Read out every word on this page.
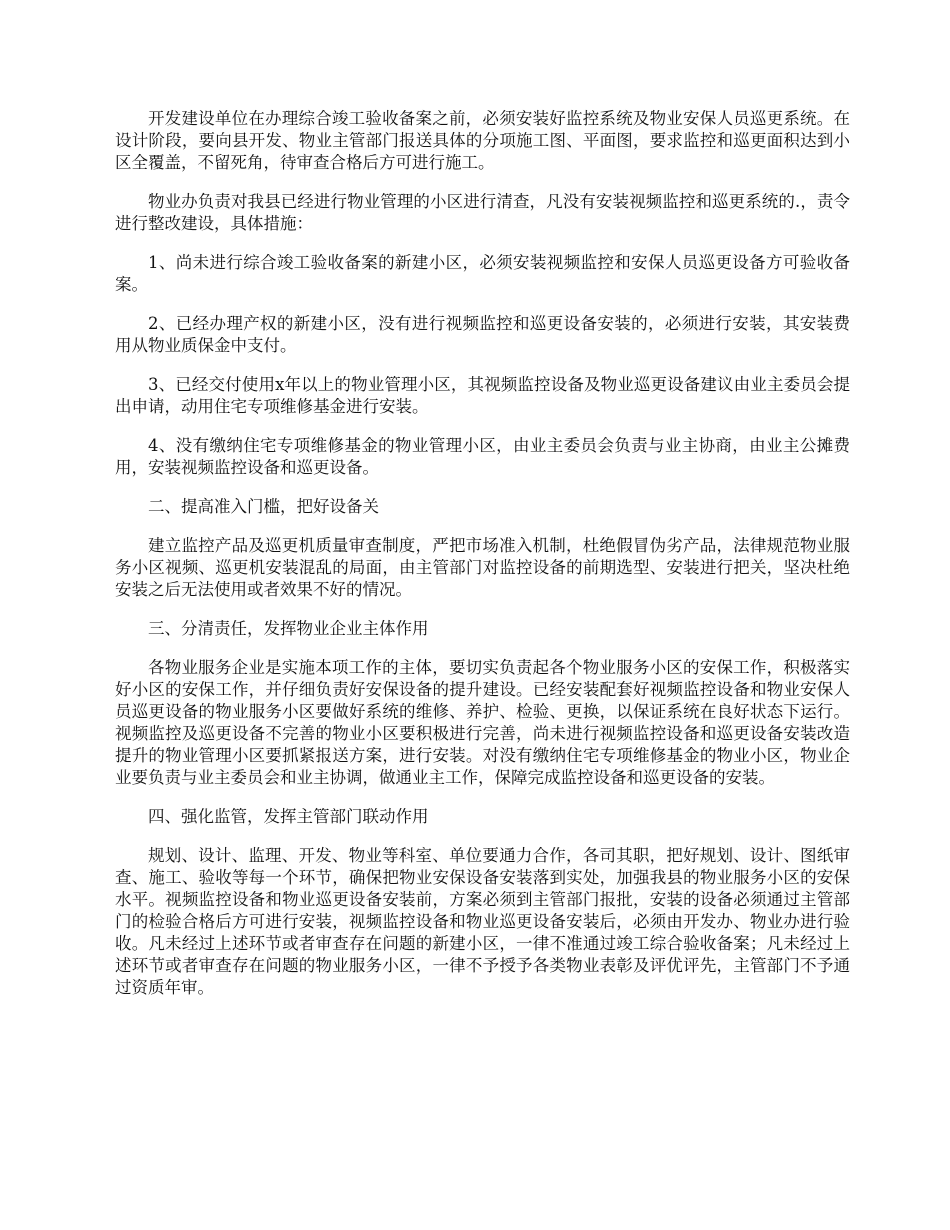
开发建设单位在办理综合竣工验收备案之前，必须安装好监控系统及物业安保人员巡更系统。在设计阶段，要向县开发、物业主管部门报送具体的分项施工图、平面图，要求监控和巡更面积达到小区全覆盖，不留死角，待审查合格后方可进行施工。

物业办负责对我县已经进行物业管理的小区进行清查，凡没有安装视频监控和巡更系统的.，责令进行整改建设，具体措施：

1、尚未进行综合竣工验收备案的新建小区，必须安装视频监控和安保人员巡更设备方可验收备案。

2、已经办理产权的新建小区，没有进行视频监控和巡更设备安装的，必须进行安装，其安装费用从物业质保金中支付。

3、已经交付使用x年以上的物业管理小区，其视频监控设备及物业巡更设备建议由业主委员会提出申请，动用住宅专项维修基金进行安装。

4、没有缴纳住宅专项维修基金的物业管理小区，由业主委员会负责与业主协商，由业主公摊费用，安装视频监控设备和巡更设备。

二、提高准入门槛，把好设备关

建立监控产品及巡更机质量审查制度，严把市场准入机制，杜绝假冒伪劣产品，法律规范物业服务小区视频、巡更机安装混乱的局面，由主管部门对监控设备的前期选型、安装进行把关，坚决杜绝安装之后无法使用或者效果不好的情况。

三、分清责任，发挥物业企业主体作用

各物业服务企业是实施本项工作的主体，要切实负责起各个物业服务小区的安保工作，积极落实好小区的安保工作，并仔细负责好安保设备的提升建设。已经安装配套好视频监控设备和物业安保人员巡更设备的物业服务小区要做好系统的维修、养护、检验、更换，以保证系统在良好状态下运行。视频监控及巡更设备不完善的物业小区要积极进行完善，尚未进行视频监控设备和巡更设备安装改造提升的物业管理小区要抓紧报送方案，进行安装。对没有缴纳住宅专项维修基金的物业小区，物业企业要负责与业主委员会和业主协调，做通业主工作，保障完成监控设备和巡更设备的安装。

四、强化监管，发挥主管部门联动作用

规划、设计、监理、开发、物业等科室、单位要通力合作，各司其职，把好规划、设计、图纸审查、施工、验收等每一个环节，确保把物业安保设备安装落到实处，加强我县的物业服务小区的安保水平。视频监控设备和物业巡更设备安装前，方案必须到主管部门报批，安装的设备必须通过主管部门的检验合格后方可进行安装，视频监控设备和物业巡更设备安装后，必须由开发办、物业办进行验收。凡未经过上述环节或者审查存在问题的新建小区，一律不准通过竣工综合验收备案；凡未经过上述环节或者审查存在问题的物业服务小区，一律不予授予各类物业表彰及评优评先，主管部门不予通过资质年审。
